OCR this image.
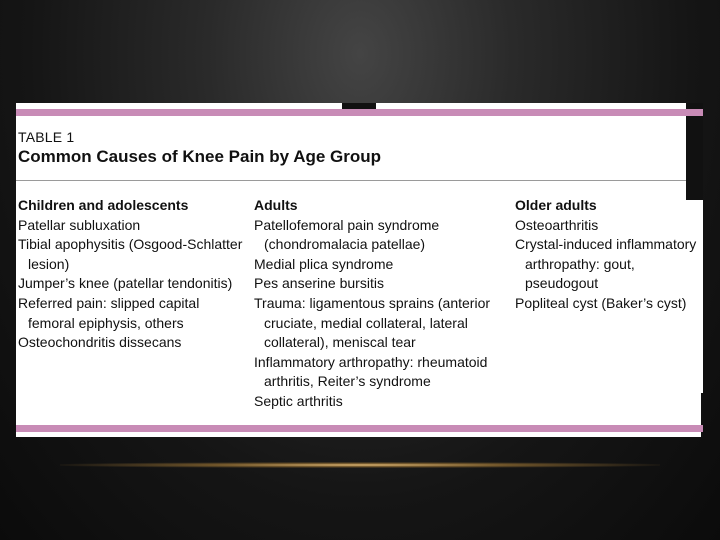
TABLE 1
Common Causes of Knee Pain by Age Group
Children and adolescents
Patellar subluxation
Tibial apophysitis (Osgood-Schlatter lesion)
Jumper’s knee (patellar tendonitis)
Referred pain: slipped capital femoral epiphysis, others
Osteochondritis dissecans
Adults
Patellofemoral pain syndrome (chondromalacia patellae)
Medial plica syndrome
Pes anserine bursitis
Trauma: ligamentous sprains (anterior cruciate, medial collateral, lateral collateral), meniscal tear
Inflammatory arthropathy: rheumatoid arthritis, Reiter’s syndrome
Septic arthritis
Older adults
Osteoarthritis
Crystal-induced inflammatory arthropathy: gout, pseudogout
Popliteal cyst (Baker’s cyst)
